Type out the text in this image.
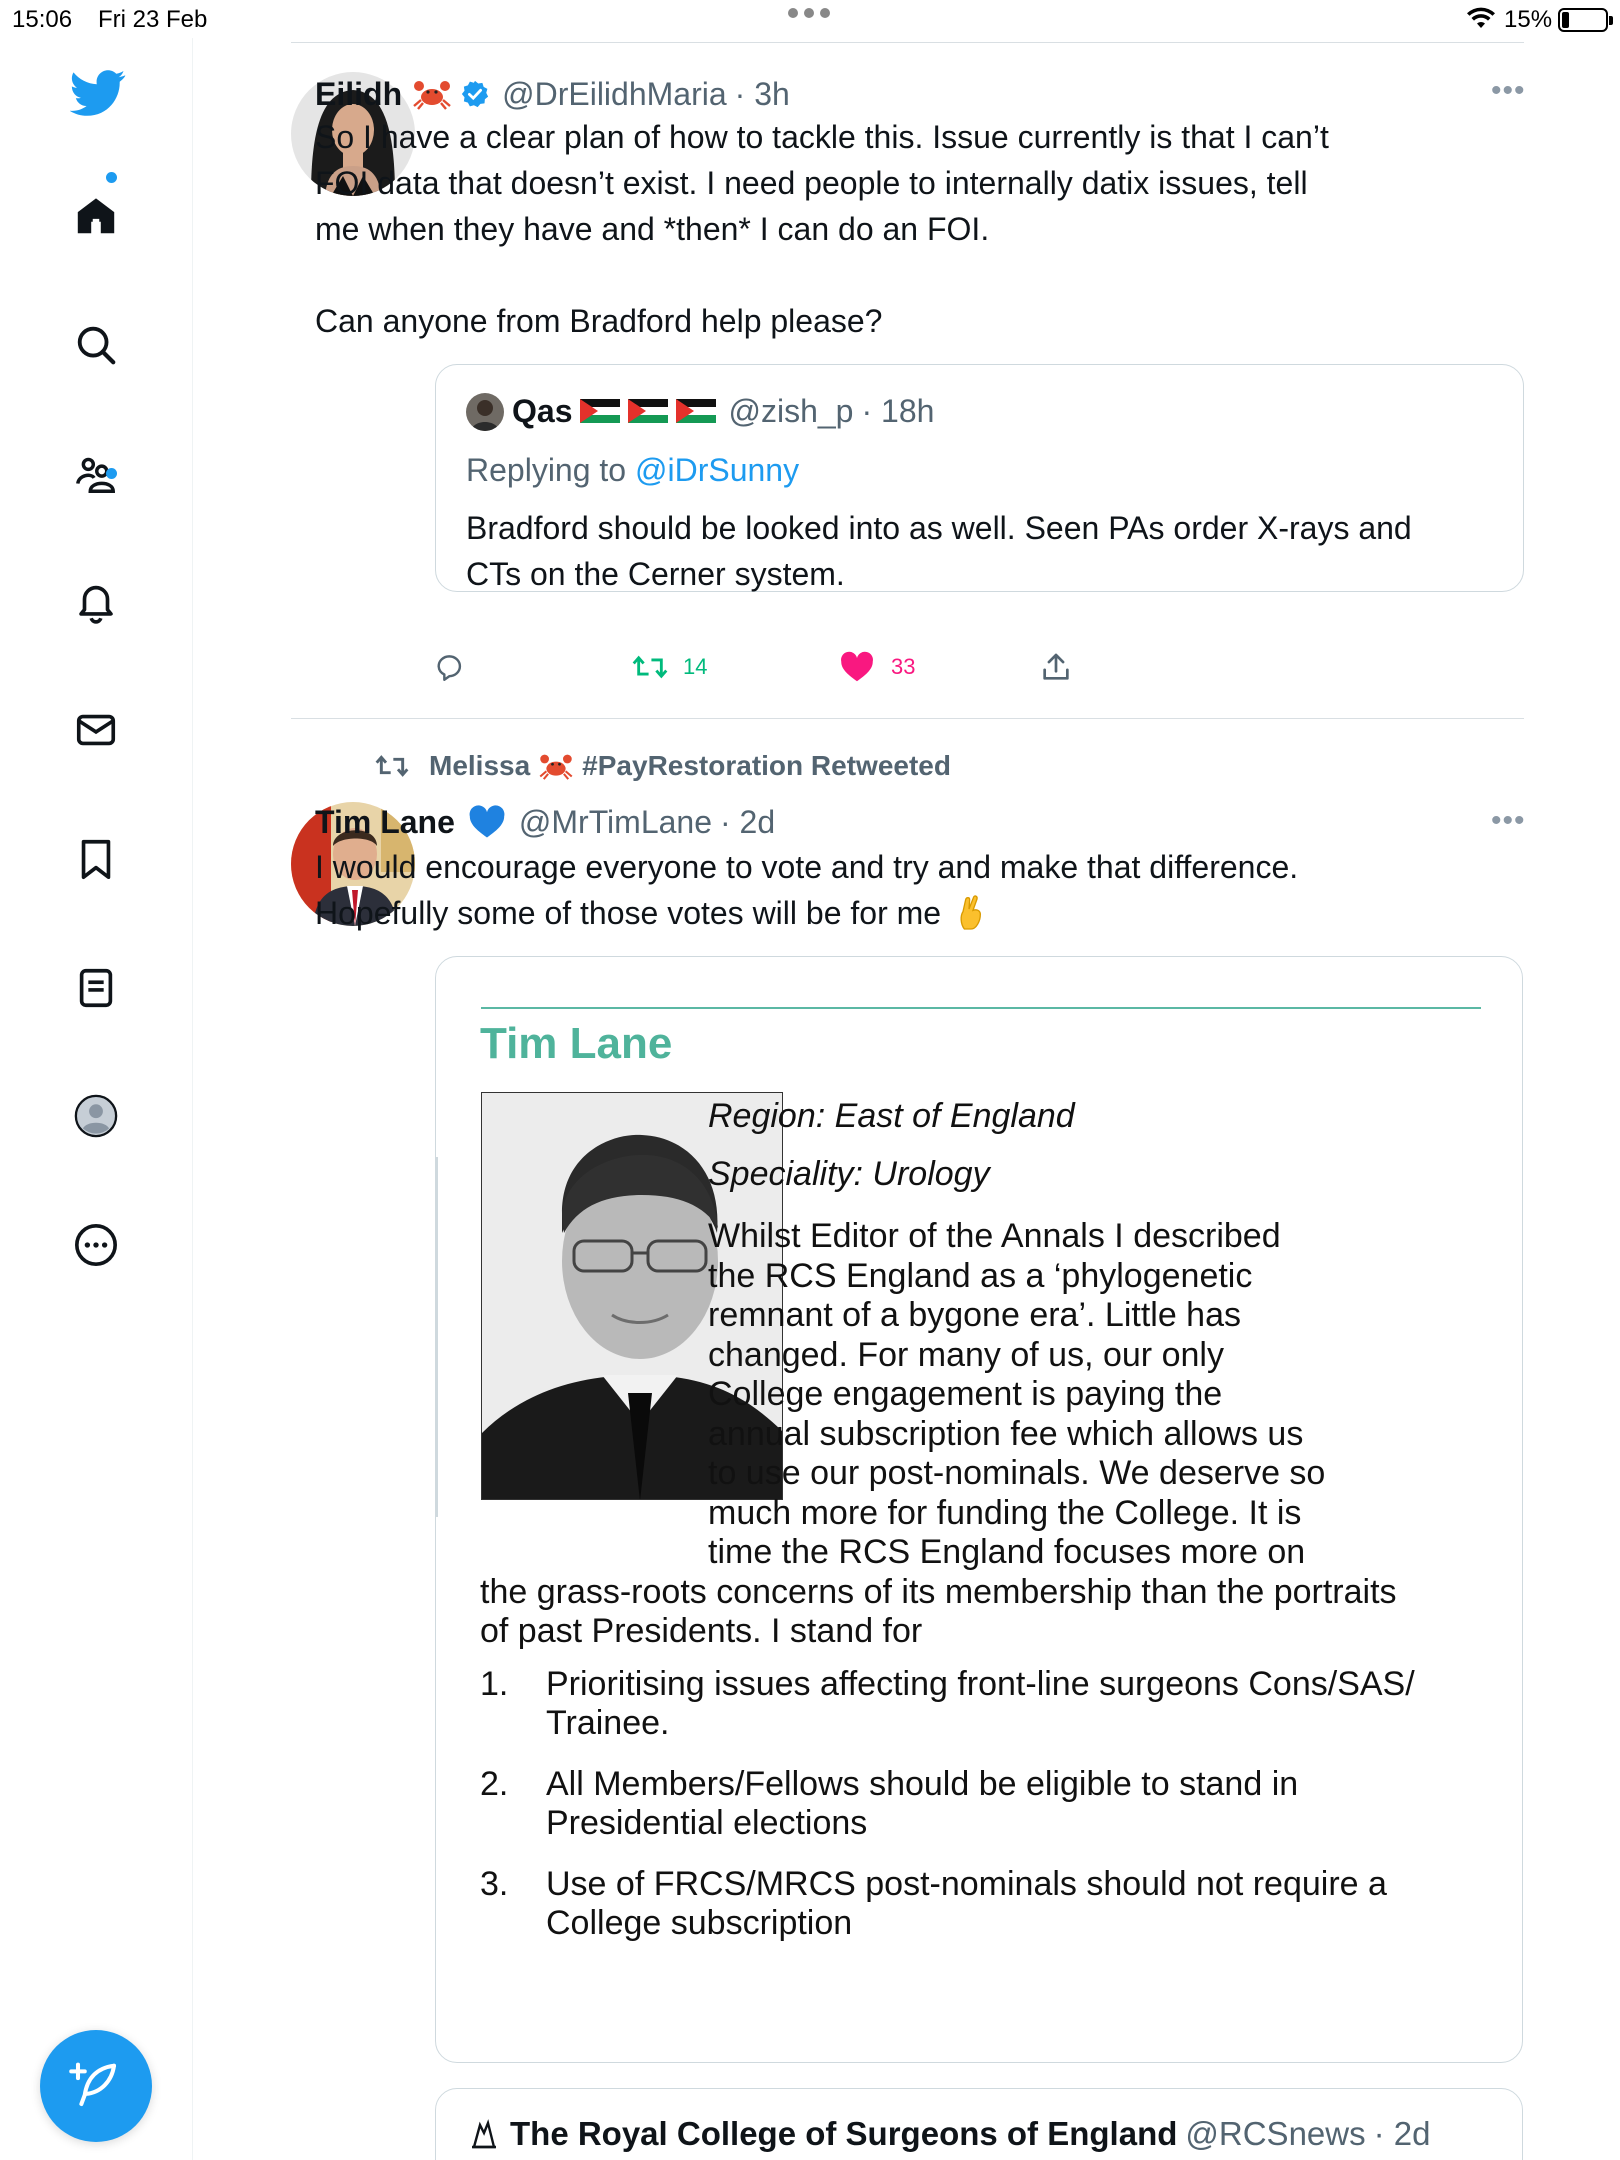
15:06 Fri 23 Feb	15%
Eilidh	@DrEilidhMaria · 3h	•••
So I have a clear plan of how to tackle this. Issue currently is that I can’t
FOI data that doesn’t exist. I need people to internally datix issues, tell
me when they have and *then* I can do an FOI.
Can anyone from Bradford help please?
Qas	@zish_p · 18h
Replying to @iDrSunny
Bradford should be looked into as well. Seen PAs order X-rays and
CTs on the Cerner system.
14	33
Melissa #PayRestoration Retweeted
Tim Lane @MrTimLane · 2d	•••
I would encourage everyone to vote and try and make that difference.
Hopefully some of those votes will be for me
Tim Lane
Region: East of England
Speciality: Urology
Whilst Editor of the Annals I described
the RCS England as a ‘phylogenetic
remnant of a bygone era’. Little has
changed. For many of us, our only
College engagement is paying the
annual subscription fee which allows us
to use our post-nominals. We deserve so
much more for funding the College. It is
time the RCS England focuses more on
the grass-roots concerns of its membership than the portraits
of past Presidents. I stand for
1. Prioritising issues affecting front-line surgeons Cons/SAS/
Trainee.
2. All Members/Fellows should be eligible to stand in
Presidential elections
3. Use of FRCS/MRCS post-nominals should not require a
College subscription
The Royal College of Surgeons of England @RCSnews · 2d
